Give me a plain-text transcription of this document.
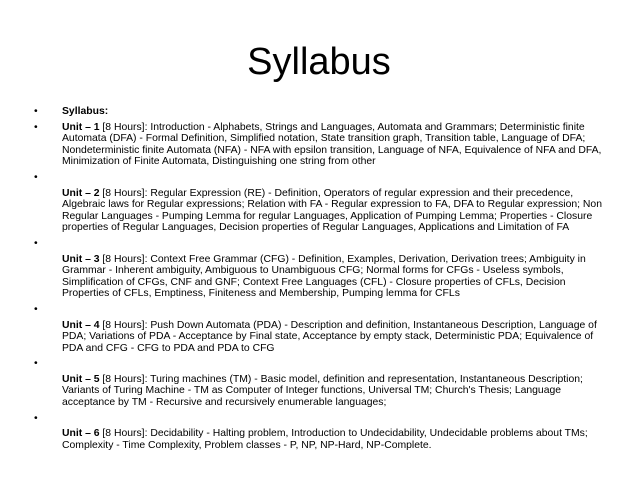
Syllabus
•	Syllabus:
•	Unit – 1 [8 Hours]: Introduction - Alphabets, Strings and Languages, Automata and Grammars; Deterministic finite Automata (DFA) - Formal Definition, Simplified notation, State transition graph, Transition table, Language of DFA; Nondeterministic finite Automata (NFA) - NFA with epsilon transition, Language of NFA, Equivalence of NFA and DFA, Minimization of Finite Automata, Distinguishing one string from other
•

Unit – 2 [8 Hours]: Regular Expression (RE) - Definition, Operators of regular expression and their precedence, Algebraic laws for Regular expressions; Relation with FA - Regular expression to FA, DFA to Regular expression; Non Regular Languages - Pumping Lemma for regular Languages, Application of Pumping Lemma; Properties - Closure properties of Regular Languages, Decision properties of Regular Languages, Applications and Limitation of FA
•

Unit – 3 [8 Hours]: Context Free Grammar (CFG) - Definition, Examples, Derivation, Derivation trees; Ambiguity in Grammar - Inherent ambiguity, Ambiguous to Unambiguous CFG; Normal forms for CFGs - Useless symbols, Simplification of CFGs, CNF and GNF; Context Free Languages (CFL) - Closure properties of CFLs, Decision Properties of CFLs, Emptiness, Finiteness and Membership, Pumping lemma for CFLs
•

Unit – 4 [8 Hours]: Push Down Automata (PDA) - Description and definition, Instantaneous Description, Language of PDA; Variations of PDA - Acceptance by Final state, Acceptance by empty stack, Deterministic PDA; Equivalence of PDA and CFG - CFG to PDA and PDA to CFG
•

Unit – 5 [8 Hours]: Turing machines (TM) - Basic model, definition and representation, Instantaneous Description; Variants of Turing Machine - TM as Computer of Integer functions, Universal TM; Church's Thesis; Language acceptance by TM - Recursive and recursively enumerable languages;
•

Unit – 6 [8 Hours]: Decidability - Halting problem, Introduction to Undecidability, Undecidable problems about TMs; Complexity - Time Complexity, Problem classes - P, NP, NP-Hard, NP-Complete.
